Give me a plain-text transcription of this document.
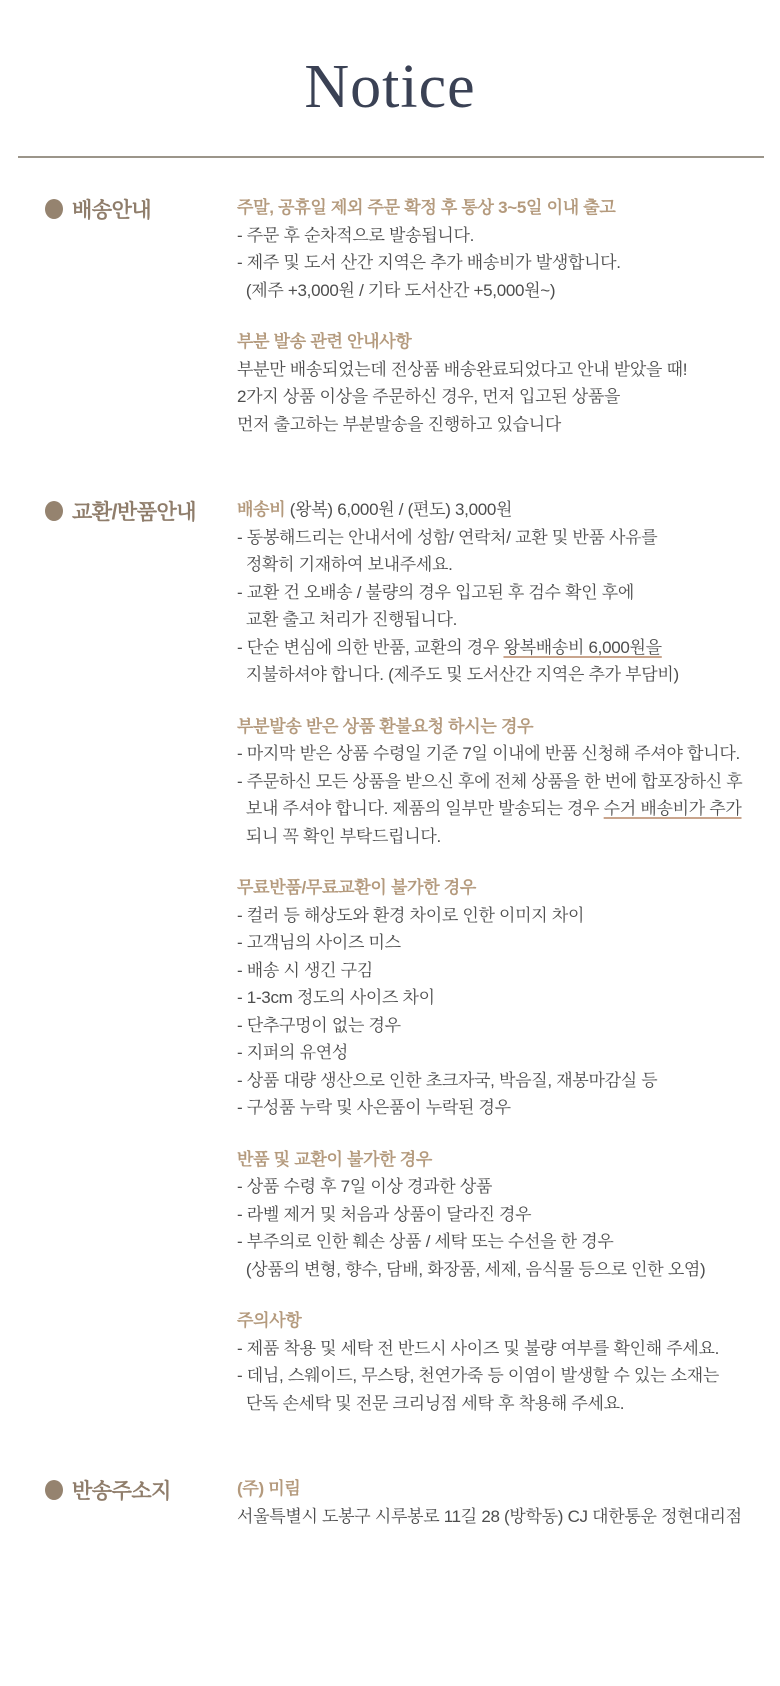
Notice
배송안내	주말, 공휴일 제외 주문 확정 후 통상 3~5일 이내 출고

- 주문 후 순차적으로 발송됩니다.

- 제주 및 도서 산간 지역은 추가 배송비가 발생합니다.

(제주 +3,000원 / 기타 도서산간 +5,000원~)

부분 발송 관련 안내사항

부분만 배송되었는데 전상품 배송완료되었다고 안내 받았을 때!

2가지 상품 이상을 주문하신 경우, 먼저 입고된 상품을

먼저 출고하는 부분발송을 진행하고 있습니다

교환/반품안내 배송비 (왕복) 6,000원 / (편도) 3,000원

- 동봉해드리는 안내서에 성함/ 연락처/ 교환 및 반품 사유를

정확히 기재하여 보내주세요.

- 교환 건 오배송 / 불량의 경우 입고된 후 검수 확인 후에

교환 출고 처리가 진행됩니다.

- 단순 변심에 의한 반품, 교환의 경우 왕복배송비 6,000원을

지불하셔야 합니다. (제주도 및 도서산간 지역은 추가 부담비)

부분발송 받은 상품 환불요청 하시는 경우

- 마지막 받은 상품 수령일 기준 7일 이내에 반품 신청해 주셔야 합니다.

- 주문하신 모든 상품을 받으신 후에 전체 상품을 한 번에 합포장하신 후

보내 주셔야 합니다. 제품의 일부만 발송되는 경우 수거 배송비가 추가

되니 꼭 확인 부탁드립니다.

무료반품/무료교환이 불가한 경우

- 컬러 등 해상도와 환경 차이로 인한 이미지 차이

- 고객님의 사이즈 미스

- 배송 시 생긴 구김

- 1-3cm 정도의 사이즈 차이

- 단추구멍이 없는 경우

- 지퍼의 유연성

- 상품 대량 생산으로 인한 초크자국, 박음질, 재봉마감실 등

- 구성품 누락 및 사은품이 누락된 경우

반품 및 교환이 불가한 경우

- 상품 수령 후 7일 이상 경과한 상품

- 라벨 제거 및 처음과 상품이 달라진 경우

- 부주의로 인한 훼손 상품 / 세탁 또는 수선을 한 경우

(상품의 변형, 향수, 담배, 화장품, 세제, 음식물 등으로 인한 오염)

주의사항

- 제품 착용 및 세탁 전 반드시 사이즈 및 불량 여부를 확인해 주세요.

- 데님, 스웨이드, 무스탕, 천연가죽 등 이염이 발생할 수 있는 소재는

단독 손세탁 및 전문 크리닝점 세탁 후 착용해 주세요.

반송주소지	(주) 미림

서울특별시 도봉구 시루봉로 11길 28 (방학동) CJ 대한통운 정현대리점
